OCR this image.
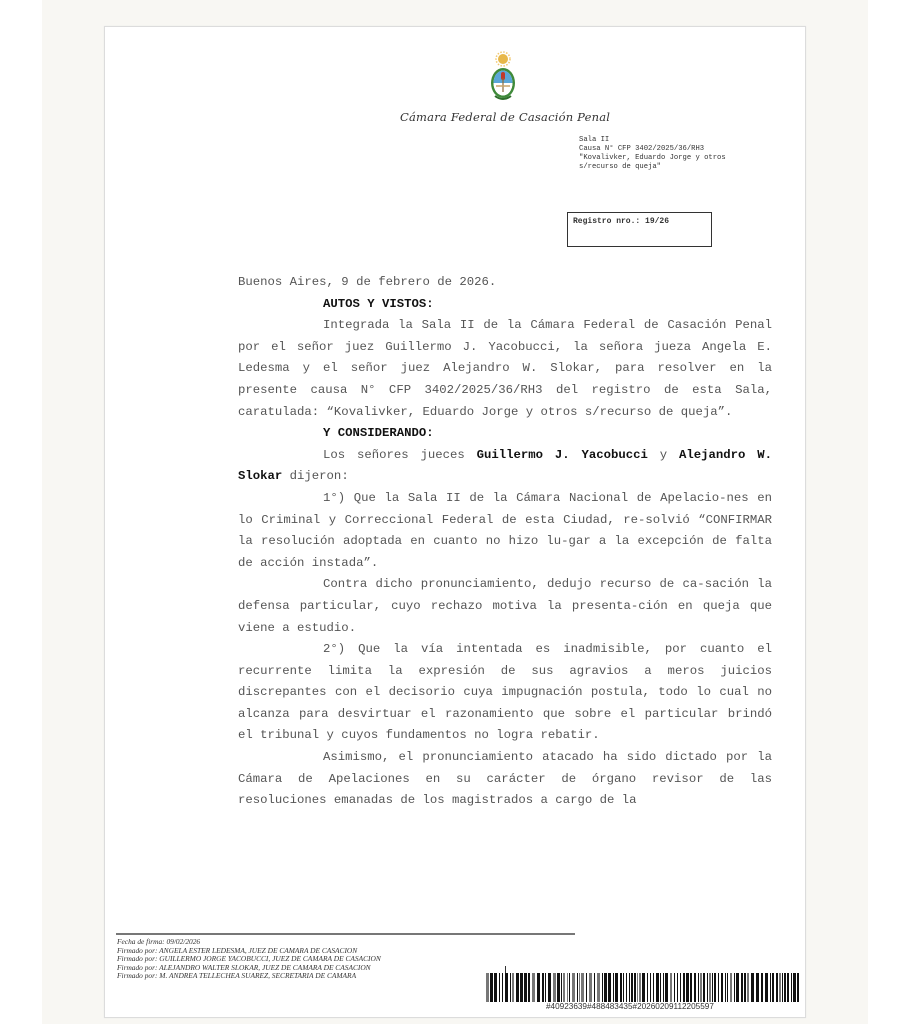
Cámara Federal de Casación Penal
Sala II
Causa N° CFP 3402/2025/36/RH3
"Kovalivker, Eduardo Jorge y otros
s/recurso de queja"
Registro nro.: 19/26

Buenos Aires, 9 de febrero de 2026.

AUTOS Y VISTOS:

Integrada la Sala II de la Cámara Federal de Casación Penal por el señor juez Guillermo J. Yacobucci, la señora jueza Angela E. Ledesma y el señor juez Alejandro W. Slokar, para resolver en la presente causa N° CFP 3402/2025/36/RH3 del registro de esta Sala, caratulada: “Kovalivker, Eduardo Jorge y otros s/recurso de queja”.

Y CONSIDERANDO:

Los señores jueces Guillermo J. Yacobucci y Alejandro W. Slokar dijeron:

1°) Que la Sala II de la Cámara Nacional de Apelacio-nes en lo Criminal y Correccional Federal de esta Ciudad, re-solvió “CONFIRMAR la resolución adoptada en cuanto no hizo lu-gar a la excepción de falta de acción instada”.

Contra dicho pronunciamiento, dedujo recurso de ca-sación la defensa particular, cuyo rechazo motiva la presenta-ción en queja que viene a estudio.

2°) Que la vía intentada es inadmisible, por cuanto el recurrente limita la expresión de sus agravios a meros juicios discrepantes con el decisorio cuya impugnación postula, todo lo cual no alcanza para desvirtuar el razonamiento que sobre el particular brindó el tribunal y cuyos fundamentos no logra rebatir.

Asimismo, el pronunciamiento atacado ha sido dictado por la Cámara de Apelaciones en su carácter de órgano revisor de las resoluciones emanadas de los magistrados a cargo de la

Fecha de firma: 09/02/2026
Firmado por: ANGELA ESTER LEDESMA, JUEZ DE CAMARA DE CASACION
Firmado por: GUILLERMO JORGE YACOBUCCI, JUEZ DE CAMARA DE CASACION
Firmado por: ALEJANDRO WALTER SLOKAR, JUEZ DE CAMARA DE CASACION
Firmado por: M. ANDREA TELLECHEA SUAREZ, SECRETARIA DE CAMARA
#40923639#488483435#20260209112205597
